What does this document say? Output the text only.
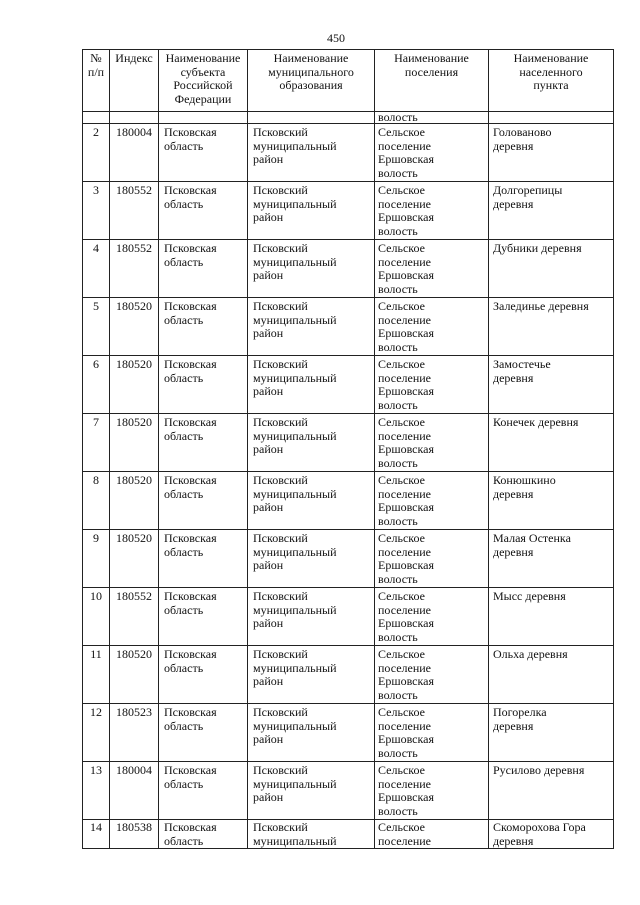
450
№
п/п	Индекс	Наименование
субъекта
Российской
Федерации	Наименование
муниципального
образования	Наименование
поселения	Наименование
населенного
пункта

				волость	

2	180004	Псковская
область	Псковский
муниципальный
район	Сельское
поселение
Ершовская
волость	Голованово
деревня

3	180552	Псковская
область	Псковский
муниципальный
район	Сельское
поселение
Ершовская
волость	Долгорепицы
деревня

4	180552	Псковская
область	Псковский
муниципальный
район	Сельское
поселение
Ершовская
волость	Дубники деревня

5	180520	Псковская
область	Псковский
муниципальный
район	Сельское
поселение
Ершовская
волость	Залединье деревня

6	180520	Псковская
область	Псковский
муниципальный
район	Сельское
поселение
Ершовская
волость	Замостечье
деревня

7	180520	Псковская
область	Псковский
муниципальный
район	Сельское
поселение
Ершовская
волость	Конечек деревня

8	180520	Псковская
область	Псковский
муниципальный
район	Сельское
поселение
Ершовская
волость	Конюшкино
деревня

9	180520	Псковская
область	Псковский
муниципальный
район	Сельское
поселение
Ершовская
волость	Малая Остенка
деревня

10	180552	Псковская
область	Псковский
муниципальный
район	Сельское
поселение
Ершовская
волость	Мысс деревня

11	180520	Псковская
область	Псковский
муниципальный
район	Сельское
поселение
Ершовская
волость	Ольха деревня

12	180523	Псковская
область	Псковский
муниципальный
район	Сельское
поселение
Ершовская
волость	Погорелка
деревня

13	180004	Псковская
область	Псковский
муниципальный
район	Сельское
поселение
Ершовская
волость	Русилово деревня

14	180538	Псковская
область	Псковский
муниципальный	Сельское
поселение	Скоморохова Гора
деревня
